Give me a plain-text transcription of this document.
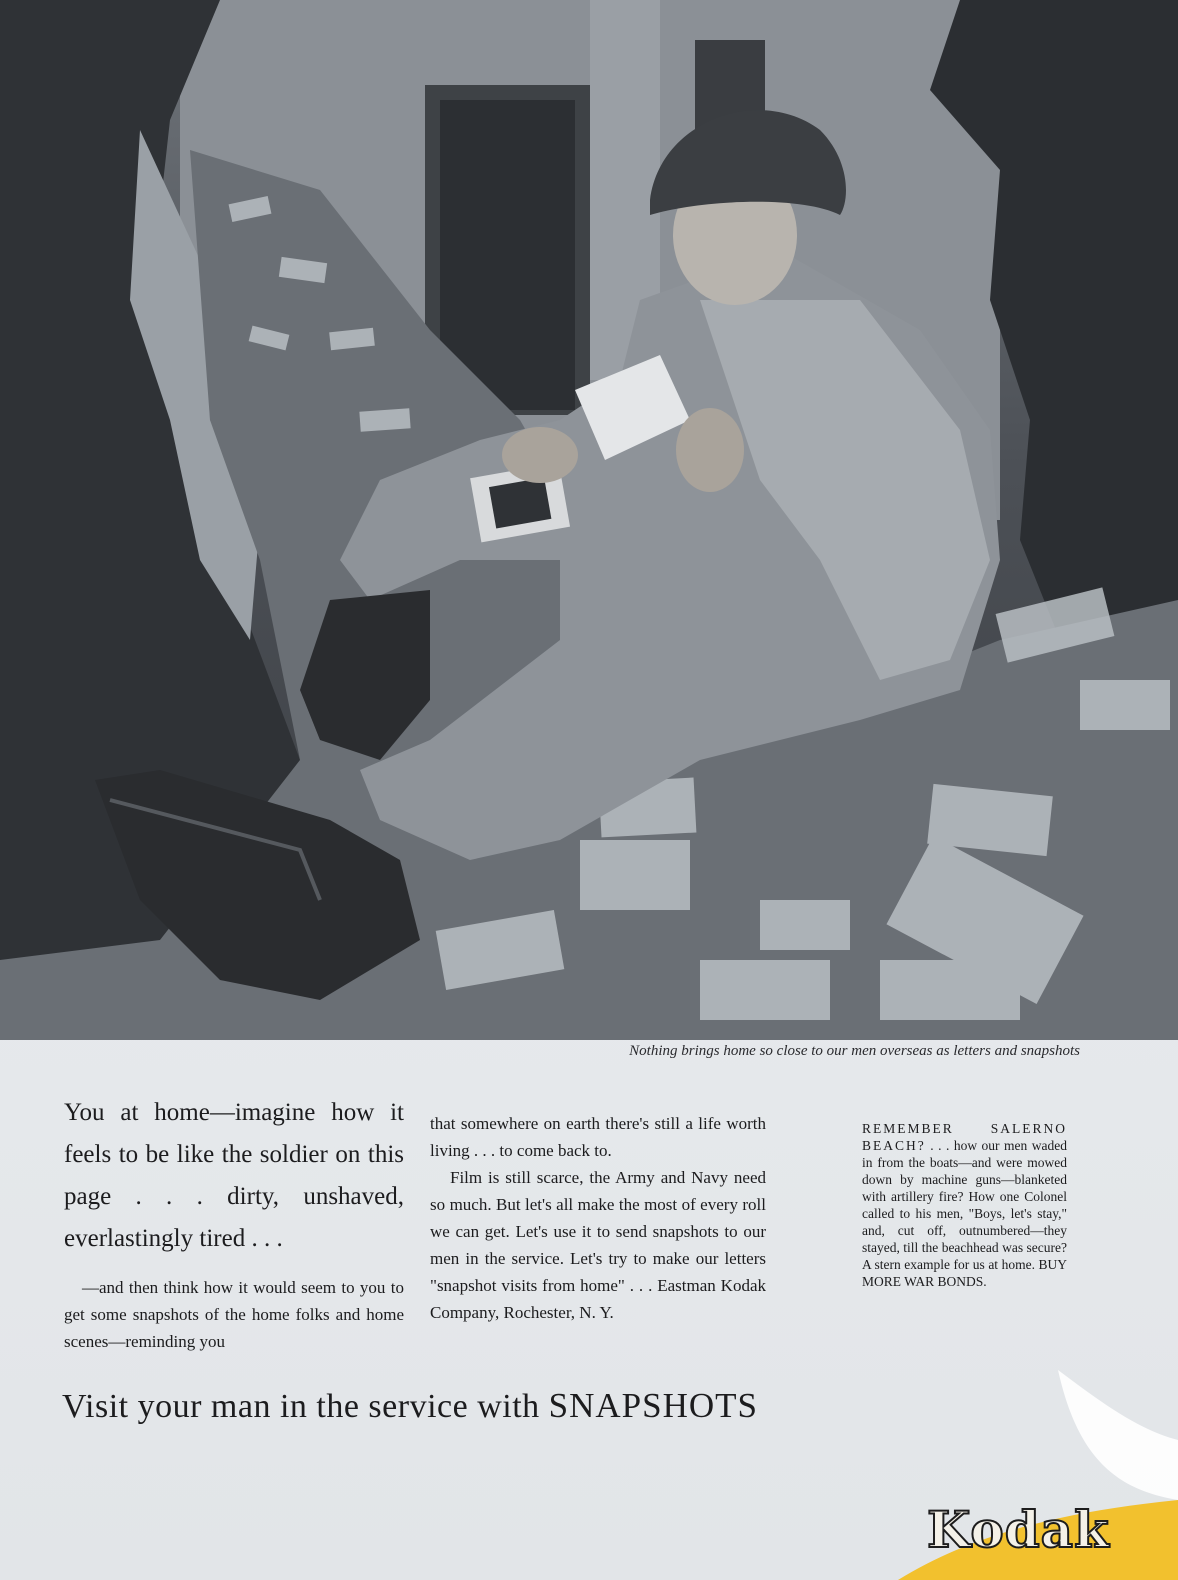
Nothing brings home so close to our men overseas as letters and snapshots

You at home—imagine how it feels to be like the soldier on this page . . . dirty, unshaved, everlastingly tired . . .

—and then think how it would seem to you to get some snapshots of the home folks and home scenes—reminding you

that somewhere on earth there's still a life worth living . . . to come back to.

Film is still scarce, the Army and Navy need so much. But let's all make the most of every roll we can get. Let's use it to send snapshots to our men in the service. Let's try to make our letters "snapshot visits from home" . . . Eastman Kodak Company, Rochester, N. Y.

REMEMBER SALERNO BEACH? . . . how our men waded in from the boats—and were mowed down by machine guns—blanketed with artillery fire? How one Colonel called to his men, "Boys, let's stay," and, cut off, outnumbered—they stayed, till the beachhead was secure? A stern example for us at home. BUY MORE WAR BONDS.
Visit your man in the service with SNAPSHOTS
Kodak
